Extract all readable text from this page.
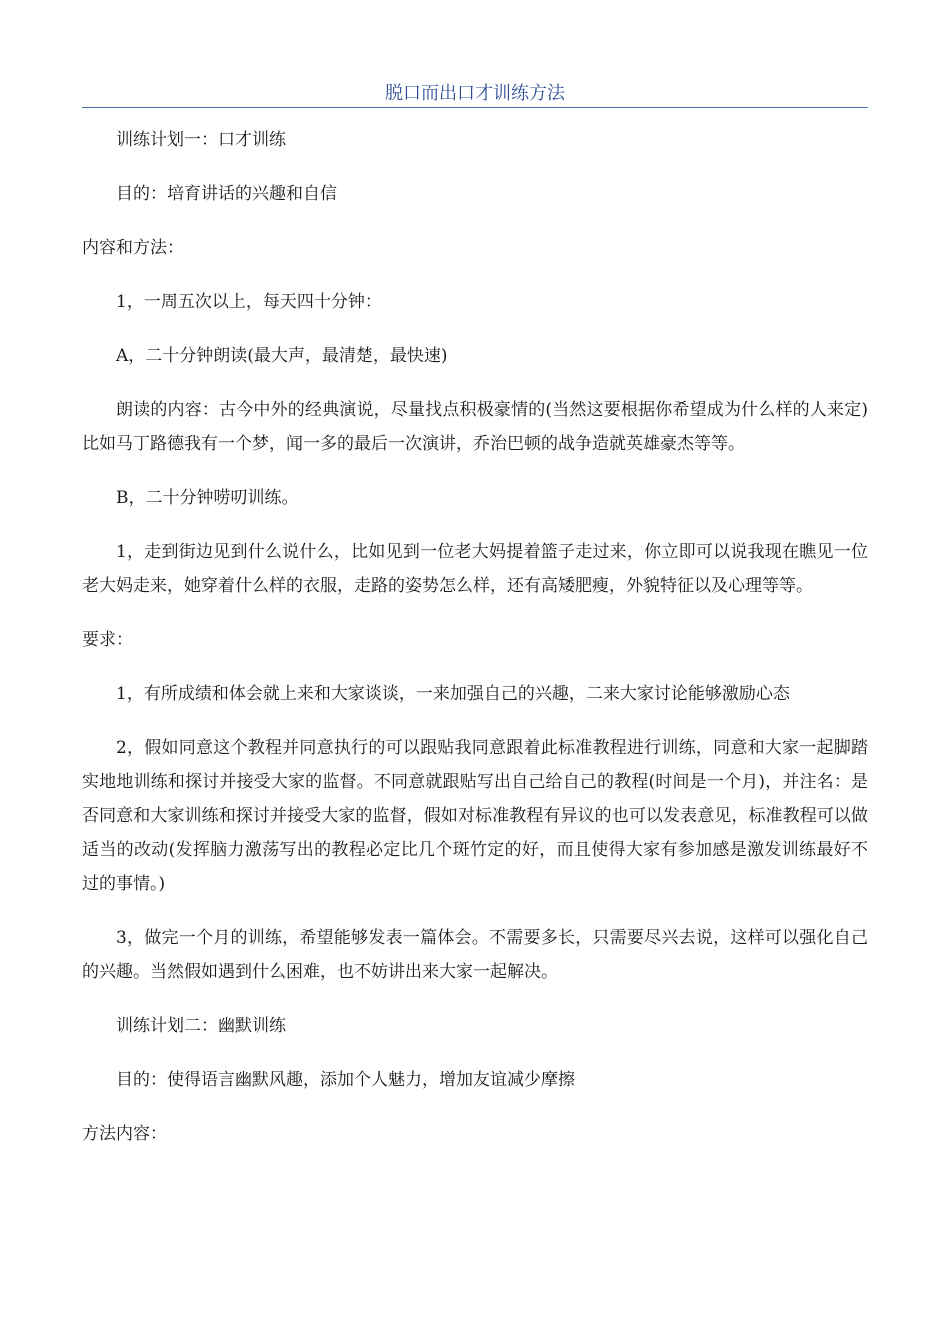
脱口而出口才训练方法

训练计划一：口才训练

目的：培育讲话的兴趣和自信

内容和方法：

1，一周五次以上，每天四十分钟：

A，二十分钟朗读(最大声，最清楚，最快速)

朗读的内容：古今中外的经典演说，尽量找点积极豪情的(当然这要根据你希望成为什么样的人来定)比如马丁路德我有一个梦，闻一多的最后一次演讲，乔治巴顿的战争造就英雄豪杰等等。

B，二十分钟唠叨训练。

1，走到街边见到什么说什么，比如见到一位老大妈提着篮子走过来，你立即可以说我现在瞧见一位老大妈走来，她穿着什么样的衣服，走路的姿势怎么样，还有高矮肥瘦，外貌特征以及心理等等。

要求：

1，有所成绩和体会就上来和大家谈谈，一来加强自己的兴趣，二来大家讨论能够激励心态

2，假如同意这个教程并同意执行的可以跟贴我同意跟着此标准教程进行训练，同意和大家一起脚踏实地地训练和探讨并接受大家的监督。不同意就跟贴写出自己给自己的教程(时间是一个月)，并注名：是否同意和大家训练和探讨并接受大家的监督，假如对标准教程有异议的也可以发表意见，标准教程可以做适当的改动(发挥脑力激荡写出的教程必定比几个斑竹定的好，而且使得大家有参加感是激发训练最好不过的事情。)

3，做完一个月的训练，希望能够发表一篇体会。不需要多长，只需要尽兴去说，这样可以强化自己的兴趣。当然假如遇到什么困难，也不妨讲出来大家一起解决。

训练计划二：幽默训练

目的：使得语言幽默风趣，添加个人魅力，增加友谊减少摩擦

方法内容：
